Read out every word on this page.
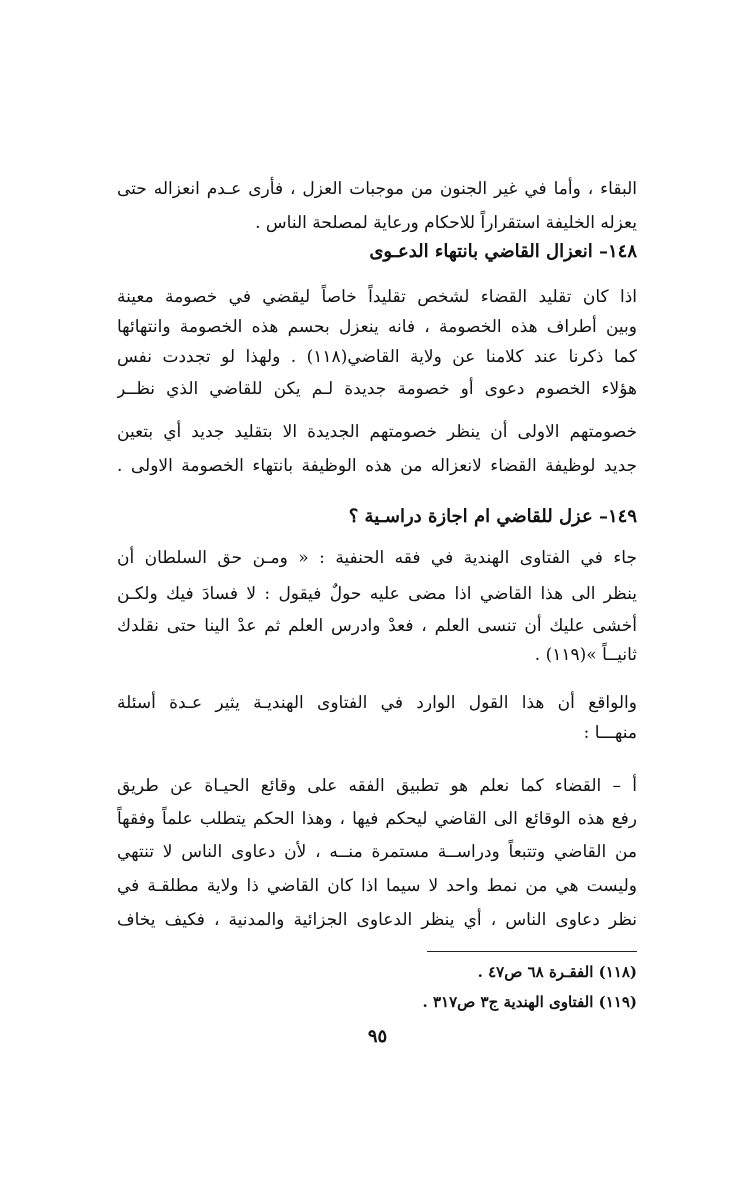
البقاء ، وأما في غير الجنون من موجبات العزل ، فأرى عـدم انعزاله حتى
يعزله الخليفة استقراراً للاحكام ورعاية لمصلحة الناس .
١٤٨– انعزال القاضي بانتهاء الدعـوى
اذا كان تقليد القضاء لشخص تقليداً خاصاً ليقضي في خصومة معينة
وبين أطراف هذه الخصومة ، فانه ينعزل بحسم هذه الخصومة وانتهائها
كما ذكرنا عند كلامنا عن ولاية القاضي(١١٨) . ولهذا لو تجددت نفس
هؤلاء الخصوم دعوى أو خصومة جديدة لـم يكن للقاضي الذي نظــر
خصومتهم الاولى أن ينظر خصومتهم الجديدة الا بتقليد جديد أي بتعين
جديد لوظيفة القضاء لانعزاله من هذه الوظيفة بانتهاء الخصومة الاولى .
١٤٩– عزل للقاضي ام اجازة دراسـية ؟
جاء في الفتاوى الهندية في فقه الحنفية : « ومـن حق السلطان أن
ينظر الى هذا القاضي اذا مضى عليه حولٌ فيقول : لا فسادَ فيك ولكـن
أخشى عليك أن تنسى العلم ، فعدْ وادرس العلم ثم عدْ الينا حتى نقلدك
ثانيــاً »(١١٩) .
والواقع أن هذا القول الوارد في الفتاوى الهنديـة يثير عـدة أسئلة
منهـــا :
أ – القضاء كما نعلم هو تطبيق الفقه على وقائع الحيـاة عن طريق
رفع هذه الوقائع الى القاضي ليحكم فيها ، وهذا الحكم يتطلب علماً وفقهاً
من القاضي وتتبعاً ودراســة مستمرة منــه ، لأن دعاوى الناس لا تنتهي
وليست هي من نمط واحد لا سيما اذا كان القاضي ذا ولاية مطلقـة في
نظر دعاوى الناس ، أي ينظر الدعاوى الجزائية والمدنية ، فكيف يخاف
(١١٨) الفقـرة ٦٨ ص٤٧ .
(١١٩) الفتاوى الهندية ج٣ ص٣١٧ .
٩٥
